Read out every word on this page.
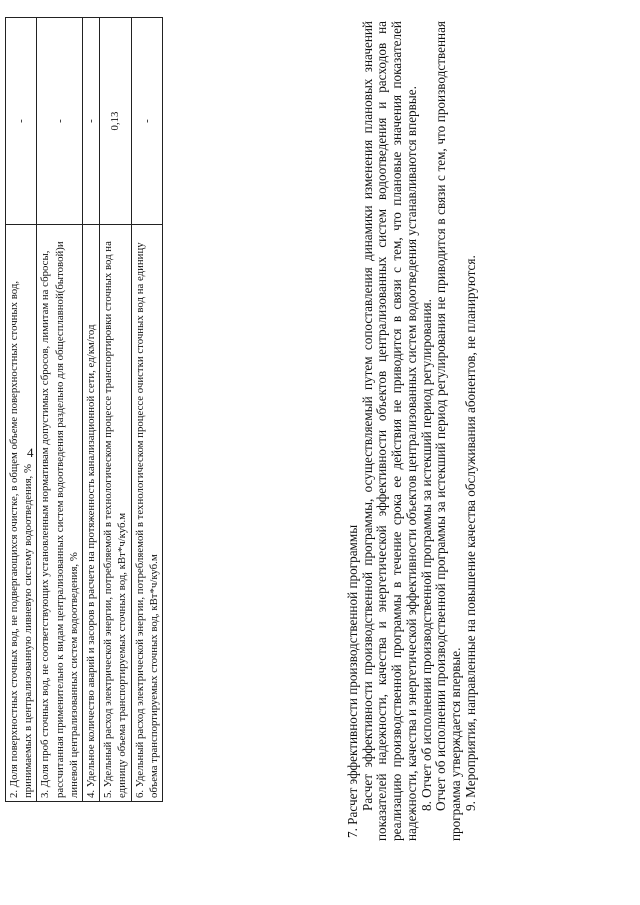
4
2. Доля поверхностных сточных вод, не подвергающихся очистке, в общем объеме поверхностных сточных вод, принимаемых в централизованную ливневую систему водоотведения, %	-
3. Доля проб сточных вод, не соответствующих установленным нормативам допустимых сбросов, лимитам на сбросы, рассчитанная применительно к видам централизованных систем водоотведения раздельно для общесплавной(бытовой)и линевой централизованных систем водоотведения, %	-
4. Удельное количество аварий и засоров в расчете на протяженность канализационной сети, ед/км/год	-
5. Удельный расход электрической энергии, потребляемой в технологическом процессе транспортировки сточных вод на единицу объема транспортируемых сточных вод, кВт*ч/куб.м	0,13
6. Удельный расход электрической энергии, потребляемой в технологическом процессе очистки сточных вод на единицу объема транспортируемых сточных вод, кВт*ч/куб.м	-

7. Расчет эффективности производственной программы Расчет эффективности производственной программы, осуществляемый путем сопоставления динамики изменения плановых значений показателей надежности, качества и энергетической эффективности объектов централизованных систем водоотведения и расходов на реализацию производственной программы в течение срока ее действия не приводится в связи с тем, что плановые значения показателей надежности, качества и энергетической эффективности объектов централизованных систем водоотведения устанавливаются впервые. 8. Отчет об исполнении производственной программы за истекший период регулирования. Отчет об исполнении производственной программы за истекший период регулирования не приводится в связи с тем, что производственная программа утверждается впервые. 9. Мероприятия, направленные на повышение качества обслуживания абонентов, не планируются.
